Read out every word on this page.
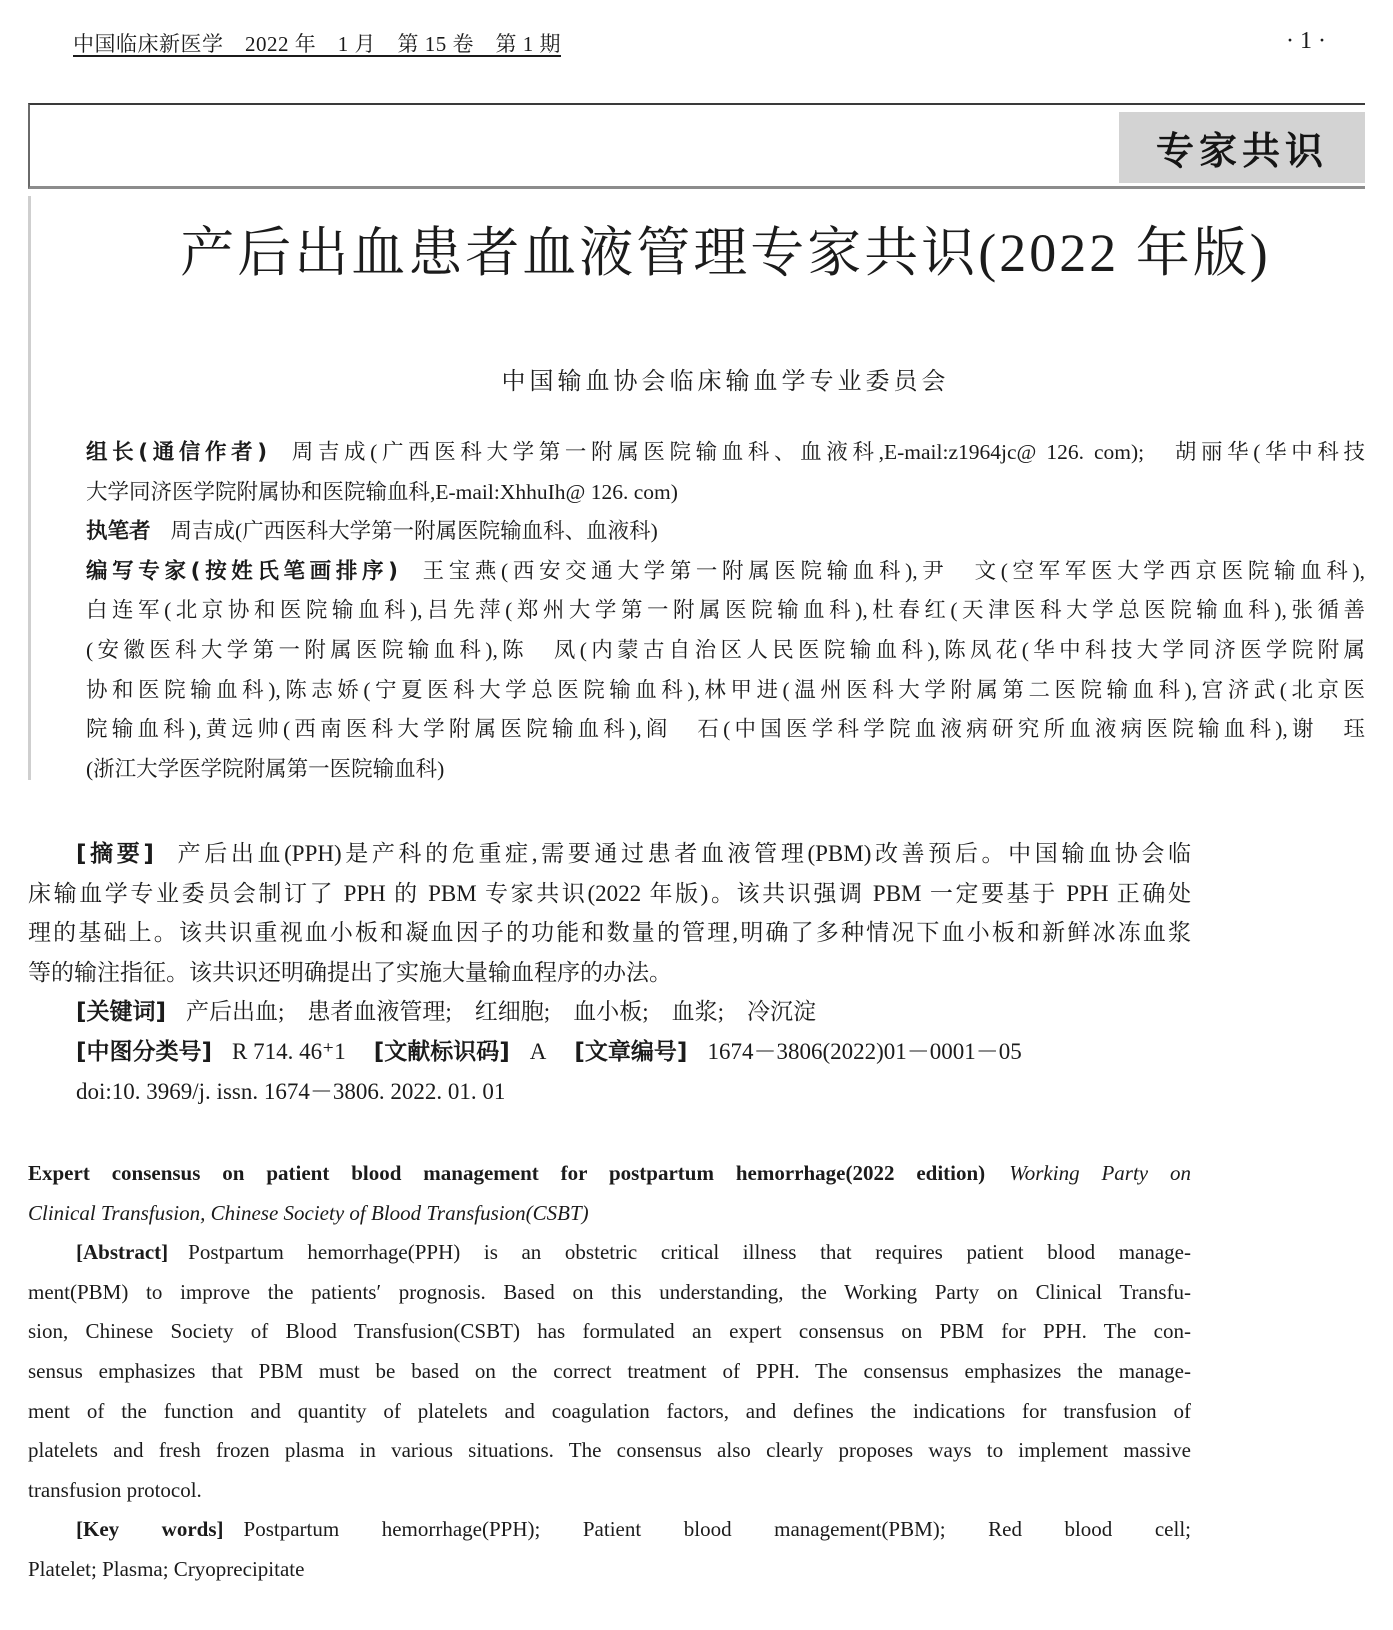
中国临床新医学　2022 年　1 月　第 15 卷　第 1 期	·1·
专家共识
产后出血患者血液管理专家共识(2022 年版)
中国输血协会临床输血学专业委员会
组长(通信作者) 周吉成(广西医科大学第一附属医院输血科、血液科,E-mail:z1964jc@ 126. com);　胡丽华(华中科技
大学同济医学院附属协和医院输血科,E-mail:XhhuIh@ 126. com)
执笔者 周吉成(广西医科大学第一附属医院输血科、血液科)
编写专家(按姓氏笔画排序) 王宝燕(西安交通大学第一附属医院输血科),尹　文(空军军医大学西京医院输血科),
白连军(北京协和医院输血科),吕先萍(郑州大学第一附属医院输血科),杜春红(天津医科大学总医院输血科),张循善
(安徽医科大学第一附属医院输血科),陈　凤(内蒙古自治区人民医院输血科),陈凤花(华中科技大学同济医学院附属
协和医院输血科),陈志娇(宁夏医科大学总医院输血科),林甲进(温州医科大学附属第二医院输血科),宫济武(北京医
院输血科),黄远帅(西南医科大学附属医院输血科),阎　石(中国医学科学院血液病研究所血液病医院输血科),谢　珏
(浙江大学医学院附属第一医院输血科)
[摘要] 产后出血(PPH)是产科的危重症,需要通过患者血液管理(PBM)改善预后。中国输血协会临
床输血学专业委员会制订了 PPH 的 PBM 专家共识(2022 年版)。该共识强调 PBM 一定要基于 PPH 正确处
理的基础上。该共识重视血小板和凝血因子的功能和数量的管理,明确了多种情况下血小板和新鲜冰冻血浆
等的输注指征。该共识还明确提出了实施大量输血程序的办法。
[关键词] 产后出血;　患者血液管理;　红细胞;　血小板;　血浆;　冷沉淀
[中图分类号] R 714. 46⁺1 [文献标识码] A [文章编号] 1674－3806(2022)01－0001－05
doi:10. 3969/j. issn. 1674－3806. 2022. 01. 01
Expert consensus on patient blood management for postpartum hemorrhage(2022 edition) Working Party on
Clinical Transfusion, Chinese Society of Blood Transfusion(CSBT)
[Abstract] Postpartum hemorrhage(PPH) is an obstetric critical illness that requires patient blood manage-
ment(PBM) to improve the patients′ prognosis. Based on this understanding, the Working Party on Clinical Transfu-
sion, Chinese Society of Blood Transfusion(CSBT) has formulated an expert consensus on PBM for PPH. The con-
sensus emphasizes that PBM must be based on the correct treatment of PPH. The consensus emphasizes the manage-
ment of the function and quantity of platelets and coagulation factors, and defines the indications for transfusion of
platelets and fresh frozen plasma in various situations. The consensus also clearly proposes ways to implement massive
transfusion protocol.
[Key words] Postpartum hemorrhage(PPH); Patient blood management(PBM); Red blood cell;
Platelet; Plasma; Cryoprecipitate
